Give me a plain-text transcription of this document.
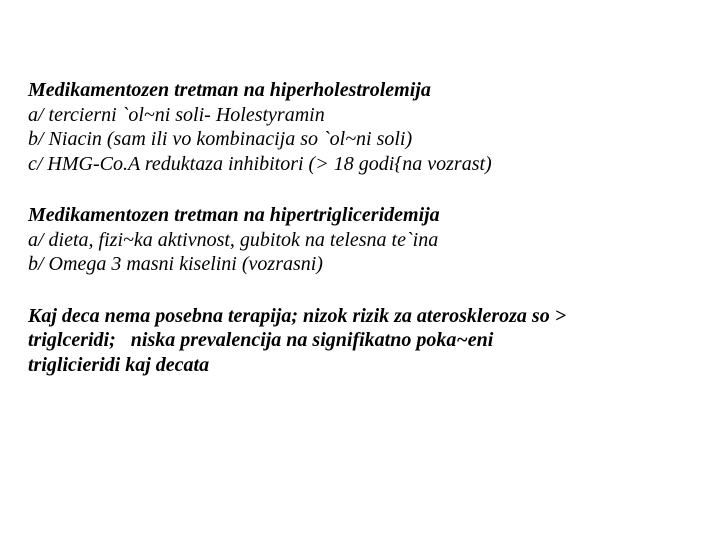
Medikamentozen tretman na hiperholestrolemija
a/ tercierni `ol~ni soli- Holestyramin
b/ Niacin (sam ili vo kombinacija so `ol~ni soli)
c/ HMG-Co.A reduktaza inhibitori (> 18 godi{na vozrast)
Medikamentozen tretman na hipertrigliceridemija
a/ dieta, fizi~ka aktivnost, gubitok na telesna te`ina
b/ Omega 3 masni kiselini (vozrasni)
Kaj deca nema posebna terapija; nizok rizik za ateroskleroza so >
triglceridi;   niska prevalencija na signifikatno poka~eni
triglicieridi kaj decata
